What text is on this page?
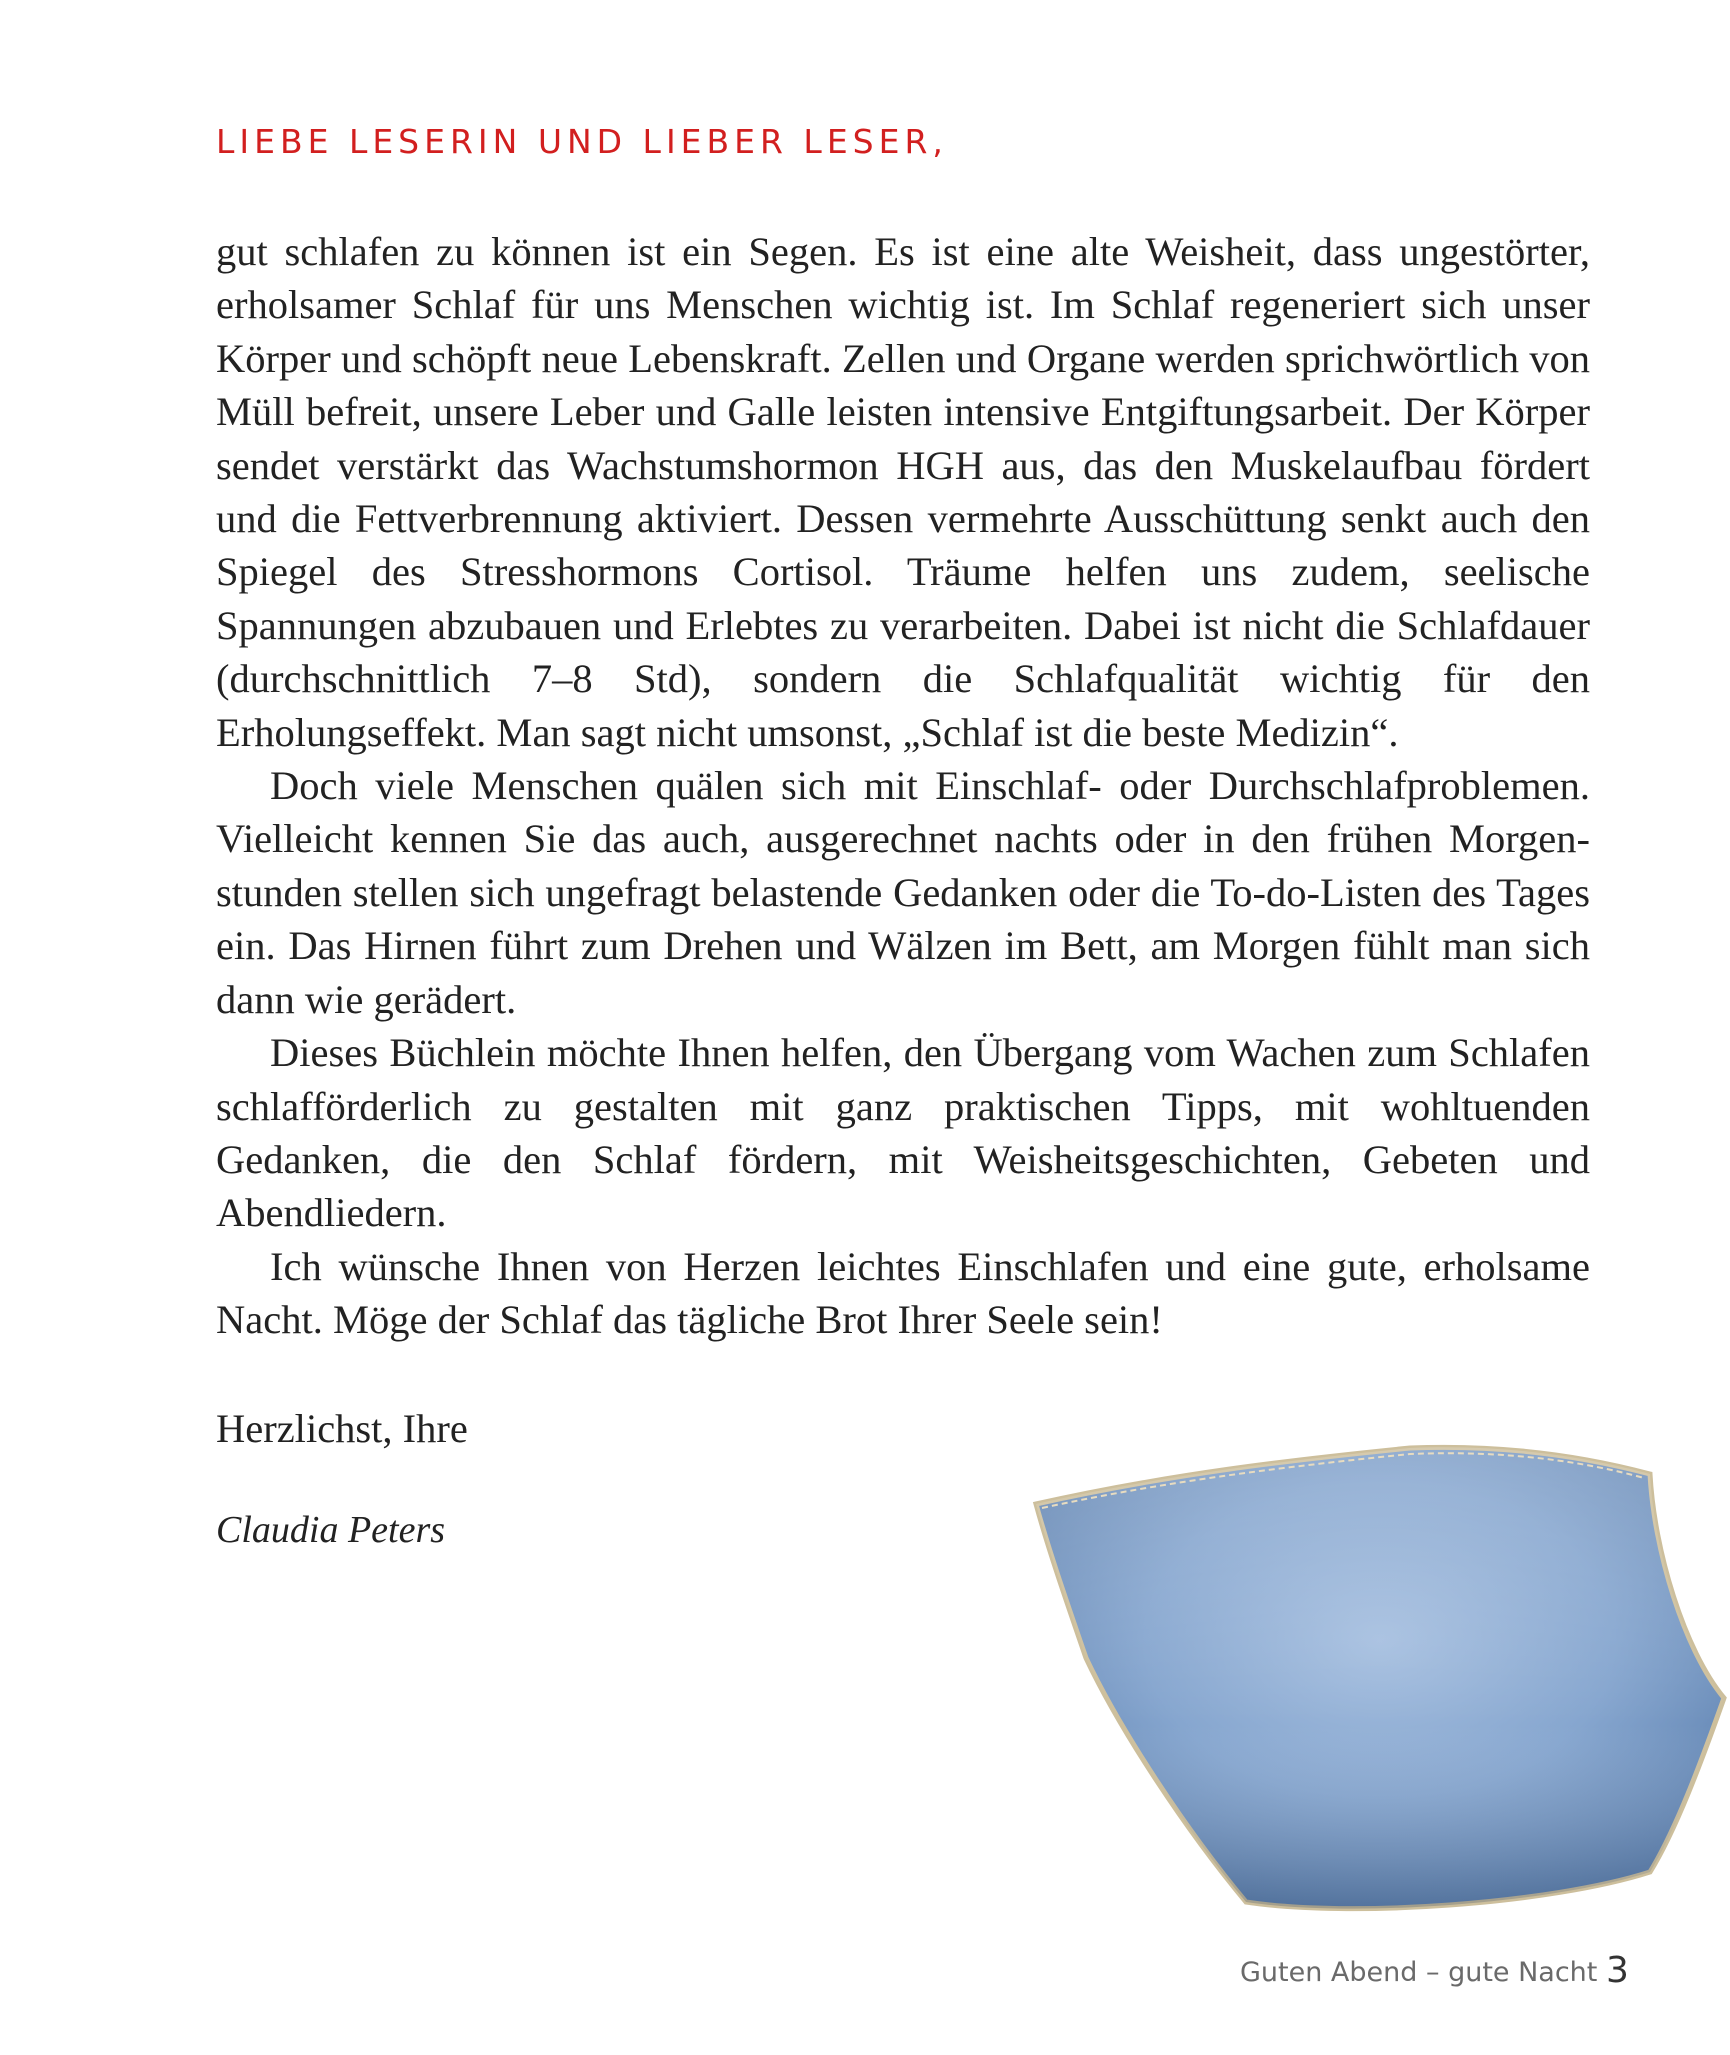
LIEBE LESERIN UND LIEBER LESER,

gut schlafen zu können ist ein Segen. Es ist eine alte Weisheit, dass ungestörter, erholsamer Schlaf für uns Menschen wichtig ist. Im Schlaf regeneriert sich unser Körper und schöpft neue Lebenskraft. Zellen und Organe werden sprichwörtlich von Müll befreit, unsere Leber und Galle leisten intensive Entgiftungsarbeit. Der Körper sendet verstärkt das Wachstumshormon HGH aus, das den Muskelaufbau fördert und die Fettverbrennung aktiviert. Dessen vermehrte Ausschüttung senkt auch den Spiegel des Stresshormons Cortisol. Träume helfen uns zudem, seelische Spannungen abzubauen und Erlebtes zu verarbeiten. Dabei ist nicht die Schlafdauer (durchschnittlich 7–8 Std), sondern die Schlafqualität wichtig für den Erholungseffekt. Man sagt nicht umsonst, „Schlaf ist die beste Medizin“.

Doch viele Menschen quälen sich mit Einschlaf- oder Durchschlafproblemen. Vielleicht kennen Sie das auch, ausgerechnet nachts oder in den frühen Morgenstunden stellen sich ungefragt belastende Gedanken oder die To-do-Listen des Tages ein. Das Hirnen führt zum Drehen und Wälzen im Bett, am Morgen fühlt man sich dann wie gerädert.

Dieses Büchlein möchte Ihnen helfen, den Übergang vom Wachen zum Schlafen schlafförderlich zu gestalten mit ganz praktischen Tipps, mit wohltuenden Gedanken, die den Schlaf fördern, mit Weisheitsgeschichten, Gebeten und Abendliedern.

Ich wünsche Ihnen von Herzen leichtes Einschlafen und eine gute, erholsame Nacht. Möge der Schlaf das tägliche Brot Ihrer Seele sein!

Herzlichst, Ihre

Claudia Peters

Guten Abend – gute Nacht 3
